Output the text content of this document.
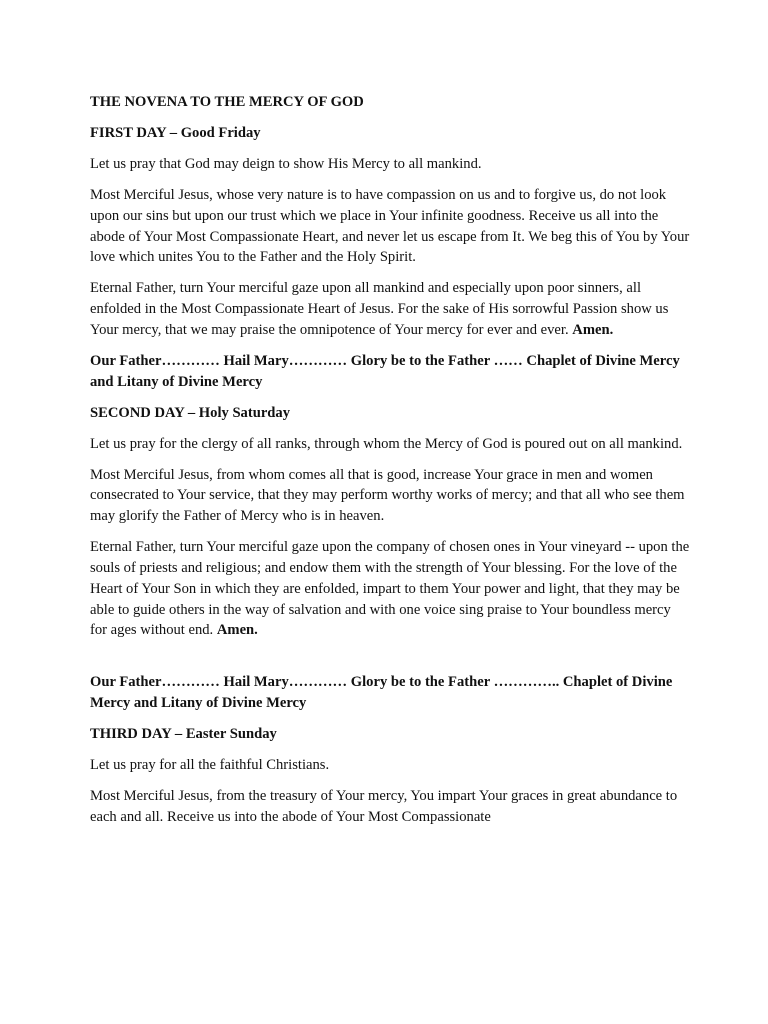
THE NOVENA TO THE MERCY OF GOD

FIRST DAY – Good Friday

Let us pray that God may deign to show His Mercy to all mankind.

Most Merciful Jesus, whose very nature is to have compassion on us and to forgive us, do not look upon our sins but upon our trust which we place in Your infinite goodness. Receive us all into the abode of Your Most Compassionate Heart, and never let us escape from It. We beg this of You by Your love which unites You to the Father and the Holy Spirit.

Eternal Father, turn Your merciful gaze upon all mankind and especially upon poor sinners, all enfolded in the Most Compassionate Heart of Jesus. For the sake of His sorrowful Passion show us Your mercy, that we may praise the omnipotence of Your mercy for ever and ever. Amen.

Our Father………… Hail Mary………… Glory be to the Father …… Chaplet of Divine Mercy and Litany of Divine Mercy

SECOND DAY – Holy Saturday

Let us pray for the clergy of all ranks, through whom the Mercy of God is poured out on all mankind.

Most Merciful Jesus, from whom comes all that is good, increase Your grace in men and women consecrated to Your service, that they may perform worthy works of mercy; and that all who see them may glorify the Father of Mercy who is in heaven.

Eternal Father, turn Your merciful gaze upon the company of chosen ones in Your vineyard -- upon the souls of priests and religious; and endow them with the strength of Your blessing. For the love of the Heart of Your Son in which they are enfolded, impart to them Your power and light, that they may be able to guide others in the way of salvation and with one voice sing praise to Your boundless mercy for ages without end. Amen.

Our Father………… Hail Mary………… Glory be to the Father ………….. Chaplet of Divine Mercy and Litany of Divine Mercy

THIRD DAY – Easter Sunday

Let us pray for all the faithful Christians.

Most Merciful Jesus, from the treasury of Your mercy, You impart Your graces in great abundance to each and all. Receive us into the abode of Your Most Compassionate
